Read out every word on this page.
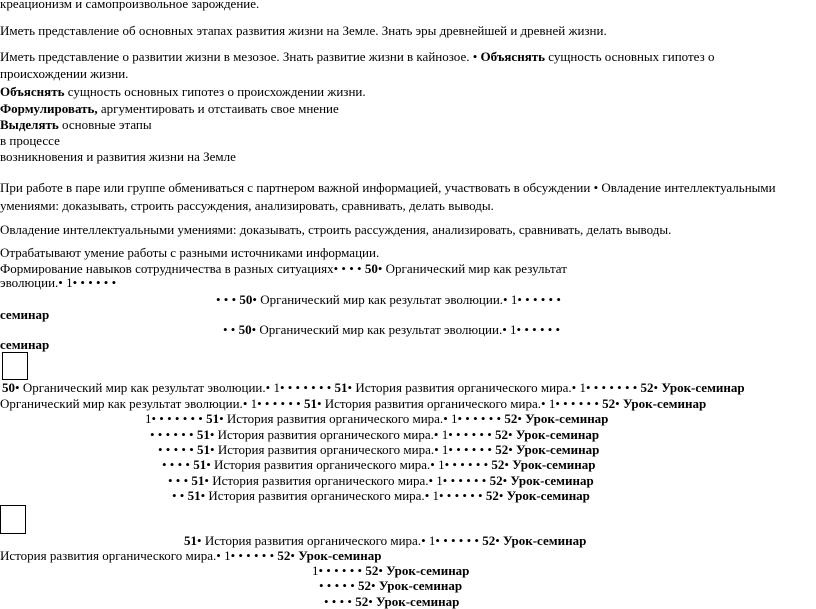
креационизм и самопроизвольное зарождение.
Иметь представление об основных этапах развития жизни на Земле. Знать эры древнейшей и древней жизни.
Иметь представление о развитии жизни в мезозое. Знать развитие жизни в кайнозое. • Объяснять сущность основных гипотез о
происхождении жизни.
Объяснять сущность основных гипотез о происхождении жизни.
Формулировать, аргументировать и отстаивать свое мнение
Выделять основные этапы
в процессе
возникновения и развития жизни на Земле
При работе в паре или группе обмениваться с партнером важной информацией, участвовать в обсуждении • Овладение интеллектуальными
умениями: доказывать, строить рассуждения, анализировать, сравнивать, делать выводы.
Овладение интеллектуальными умениями: доказывать, строить рассуждения, анализировать, сравнивать, делать выводы.
Отрабатывают умение работы с разными источниками информации.
Формирование навыков сотрудничества в разных ситуациях• • • • 50• Органический мир как результат
эволюции.• 1• • • • • •
• • • 50• Органический мир как результат эволюции.• 1• • • • • •
семинар
• • 50• Органический мир как результат эволюции.• 1• • • • • •
семинар
50• Органический мир как результат эволюции.• 1• • • • • • • 51• История развития органического мира.• 1• • • • • • • 52• Урок-семинар
Органический мир как результат эволюции.• 1• • • • • • 51• История развития органического мира.• 1• • • • • • 52• Урок-семинар
1• • • • • • • 51• История развития органического мира.• 1• • • • • • 52• Урок-семинар
• • • • • • 51• История развития органического мира.• 1• • • • • • 52• Урок-семинар
• • • • • 51• История развития органического мира.• 1• • • • • • 52• Урок-семинар
• • • • 51• История развития органического мира.• 1• • • • • • 52• Урок-семинар
• • • 51• История развития органического мира.• 1• • • • • • 52• Урок-семинар
• • 51• История развития органического мира.• 1• • • • • • 52• Урок-семинар
51• История развития органического мира.• 1• • • • • • 52• Урок-семинар
История развития органического мира.• 1• • • • • • 52• Урок-семинар
1• • • • • • 52• Урок-семинар
• • • • • 52• Урок-семинар
• • • • 52• Урок-семинар
